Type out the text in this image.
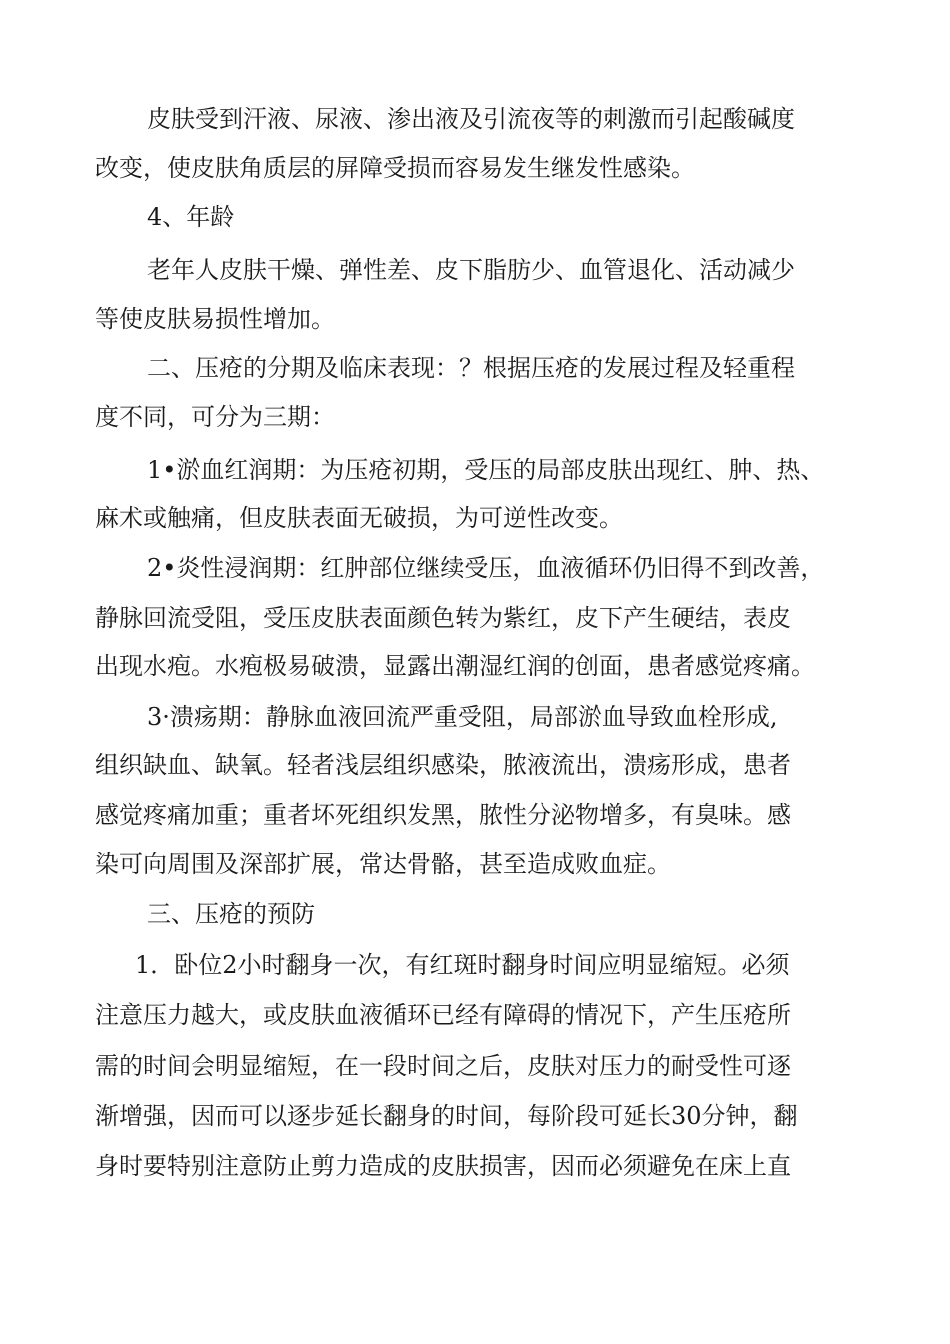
皮肤受到汗液、尿液、渗出液及引流夜等的刺激而引起酸碱度
改变，使皮肤角质层的屏障受损而容易发生继发性感染。
4、年龄
老年人皮肤干燥、弹性差、皮下脂肪少、血管退化、活动减少
等使皮肤易损性增加。
二、压疮的分期及临床表现：？根据压疮的发展过程及轻重程
度不同，可分为三期：
1•淤血红润期：为压疮初期，受压的局部皮肤出现红、肿、热、
麻术或触痛，但皮肤表面无破损，为可逆性改变。
2•炎性浸润期：红肿部位继续受压，血液循环仍旧得不到改善，
静脉回流受阻，受压皮肤表面颜色转为紫红，皮下产生硬结，表皮
出现水疱。水疱极易破溃，显露出潮湿红润的创面，患者感觉疼痛。
3·溃疡期：静脉血液回流严重受阻，局部淤血导致血栓形成,
组织缺血、缺氧。轻者浅层组织感染，脓液流出，溃疡形成，患者
感觉疼痛加重；重者坏死组织发黑，脓性分泌物增多，有臭味。感
染可向周围及深部扩展，常达骨骼，甚至造成败血症。
三、压疮的预防
1．卧位2小时翻身一次，有红斑时翻身时间应明显缩短。必须
注意压力越大，或皮肤血液循环已经有障碍的情况下，产生压疮所
需的时间会明显缩短，在一段时间之后，皮肤对压力的耐受性可逐
渐增强，因而可以逐步延长翻身的时间，每阶段可延长30分钟，翻
身时要特别注意防止剪力造成的皮肤损害，因而必须避免在床上直
